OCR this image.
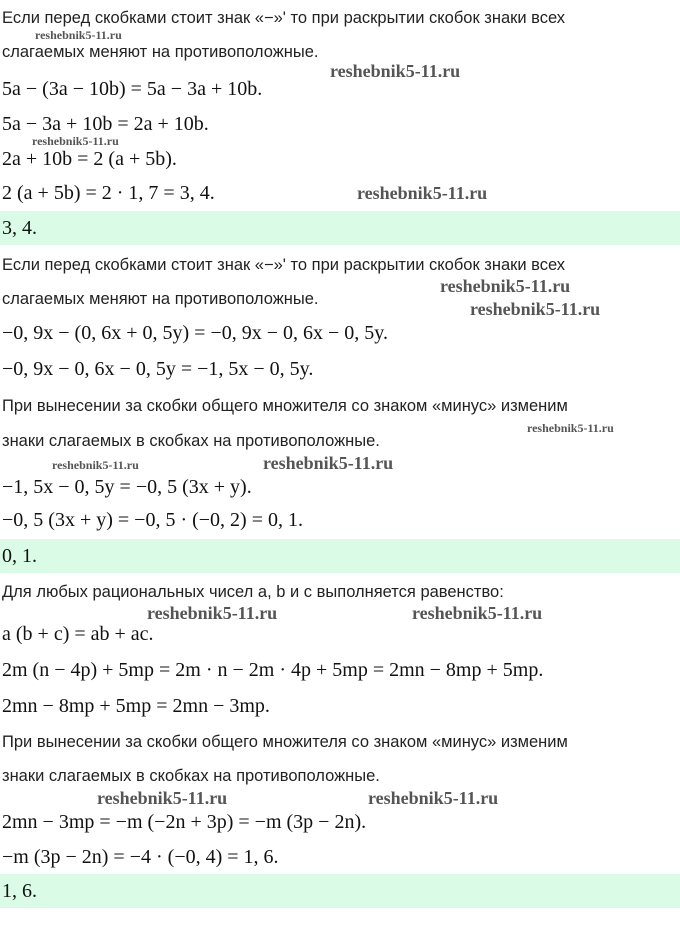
Если перед скобками стоит знак «−»' то при раскрытии скобок знаки всех
слагаемых меняют на противоположные.
5a − (3a − 10b) = 5a − 3a + 10b.
5a − 3a + 10b = 2a + 10b.
2a + 10b = 2 (a + 5b).
2 (a + 5b) = 2 · 1, 7 = 3, 4.
3, 4.
Если перед скобками стоит знак «−»' то при раскрытии скобок знаки всех
слагаемых меняют на противоположные.
−0, 9x − (0, 6x + 0, 5y) = −0, 9x − 0, 6x − 0, 5y.
−0, 9x − 0, 6x − 0, 5y = −1, 5x − 0, 5y.
При вынесении за скобки общего множителя со знаком «минус» изменим
знаки слагаемых в скобках на противоположные.
−1, 5x − 0, 5y = −0, 5 (3x + y).
−0, 5 (3x + y) = −0, 5 · (−0, 2) = 0, 1.
0, 1.
Для любых рациональных чисел a, b и c выполняется равенство:
a (b + c) = ab + ac.
2m (n − 4p) + 5mp = 2m · n − 2m · 4p + 5mp = 2mn − 8mp + 5mp.
2mn − 8mp + 5mp = 2mn − 3mp.
При вынесении за скобки общего множителя со знаком «минус» изменим
знаки слагаемых в скобках на противоположные.
2mn − 3mp = −m (−2n + 3p) = −m (3p − 2n).
−m (3p − 2n) = −4 · (−0, 4) = 1, 6.
1, 6.
reshebnik5-11.ru
reshebnik5-11.ru
reshebnik5-11.ru
reshebnik5-11.ru
reshebnik5-11.ru
reshebnik5-11.ru
reshebnik5-11.ru
reshebnik5-11.ru	reshebnik5-11.ru
reshebnik5-11.ru	reshebnik5-11.ru
reshebnik5-11.ru	reshebnik5-11.ru
